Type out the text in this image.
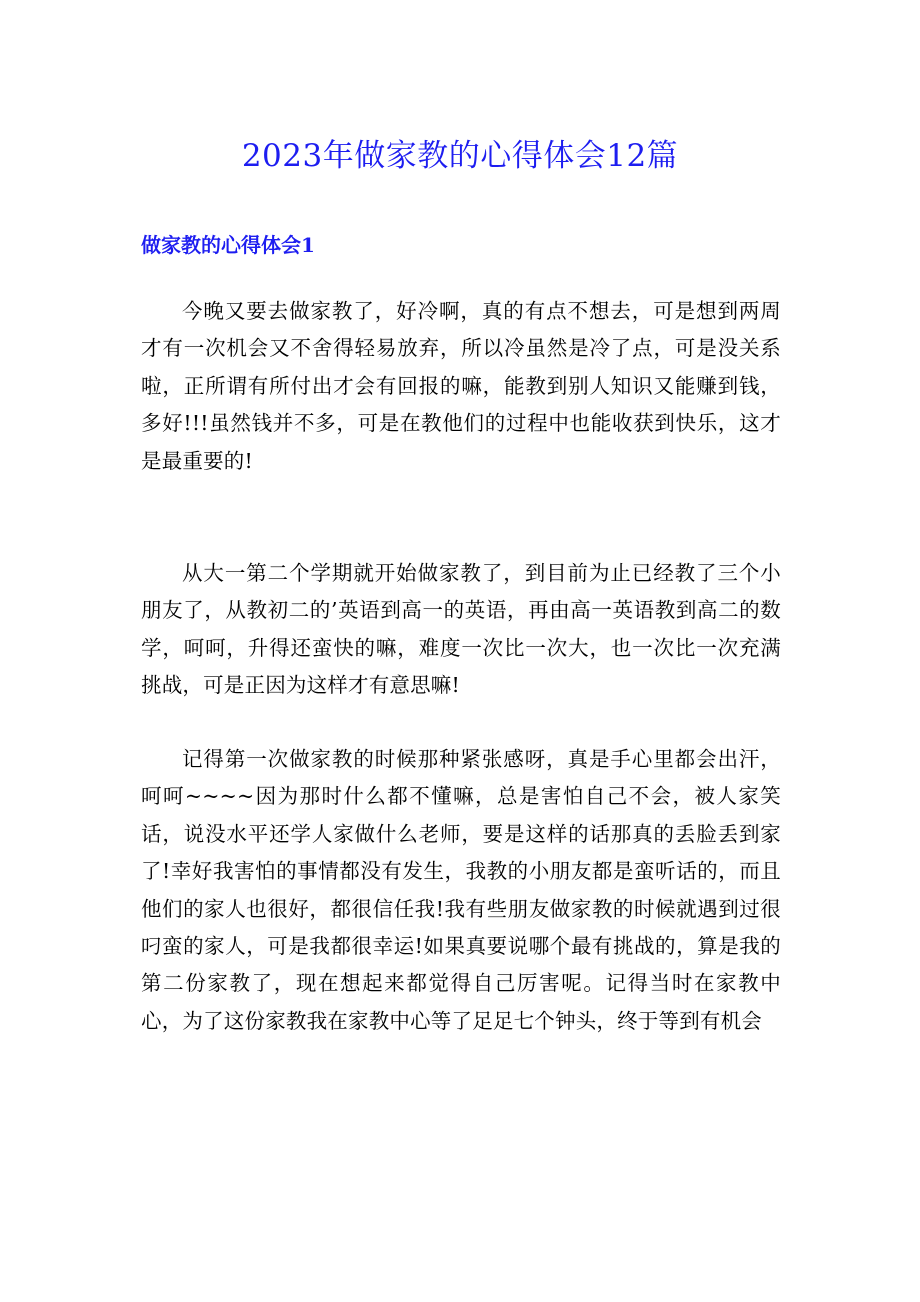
2023年做家教的心得体会12篇
做家教的心得体会1

今晚又要去做家教了，好冷啊，真的有点不想去，可是想到两周才有一次机会又不舍得轻易放弃，所以冷虽然是冷了点，可是没关系啦，正所谓有所付出才会有回报的嘛，能教到别人知识又能赚到钱，多好!!!虽然钱并不多，可是在教他们的过程中也能收获到快乐，这才是最重要的!

从大一第二个学期就开始做家教了，到目前为止已经教了三个小朋友了，从教初二的’英语到高一的英语，再由高一英语教到高二的数学，呵呵，升得还蛮快的嘛，难度一次比一次大，也一次比一次充满挑战，可是正因为这样才有意思嘛!

记得第一次做家教的时候那种紧张感呀，真是手心里都会出汗，呵呵~~~~因为那时什么都不懂嘛，总是害怕自己不会，被人家笑话，说没水平还学人家做什么老师，要是这样的话那真的丢脸丢到家了!幸好我害怕的事情都没有发生，我教的小朋友都是蛮听话的，而且他们的家人也很好，都很信任我!我有些朋友做家教的时候就遇到过很叼蛮的家人，可是我都很幸运!如果真要说哪个最有挑战的，算是我的第二份家教了，现在想起来都觉得自己厉害呢。记得当时在家教中心，为了这份家教我在家教中心等了足足七个钟头，终于等到有机会
